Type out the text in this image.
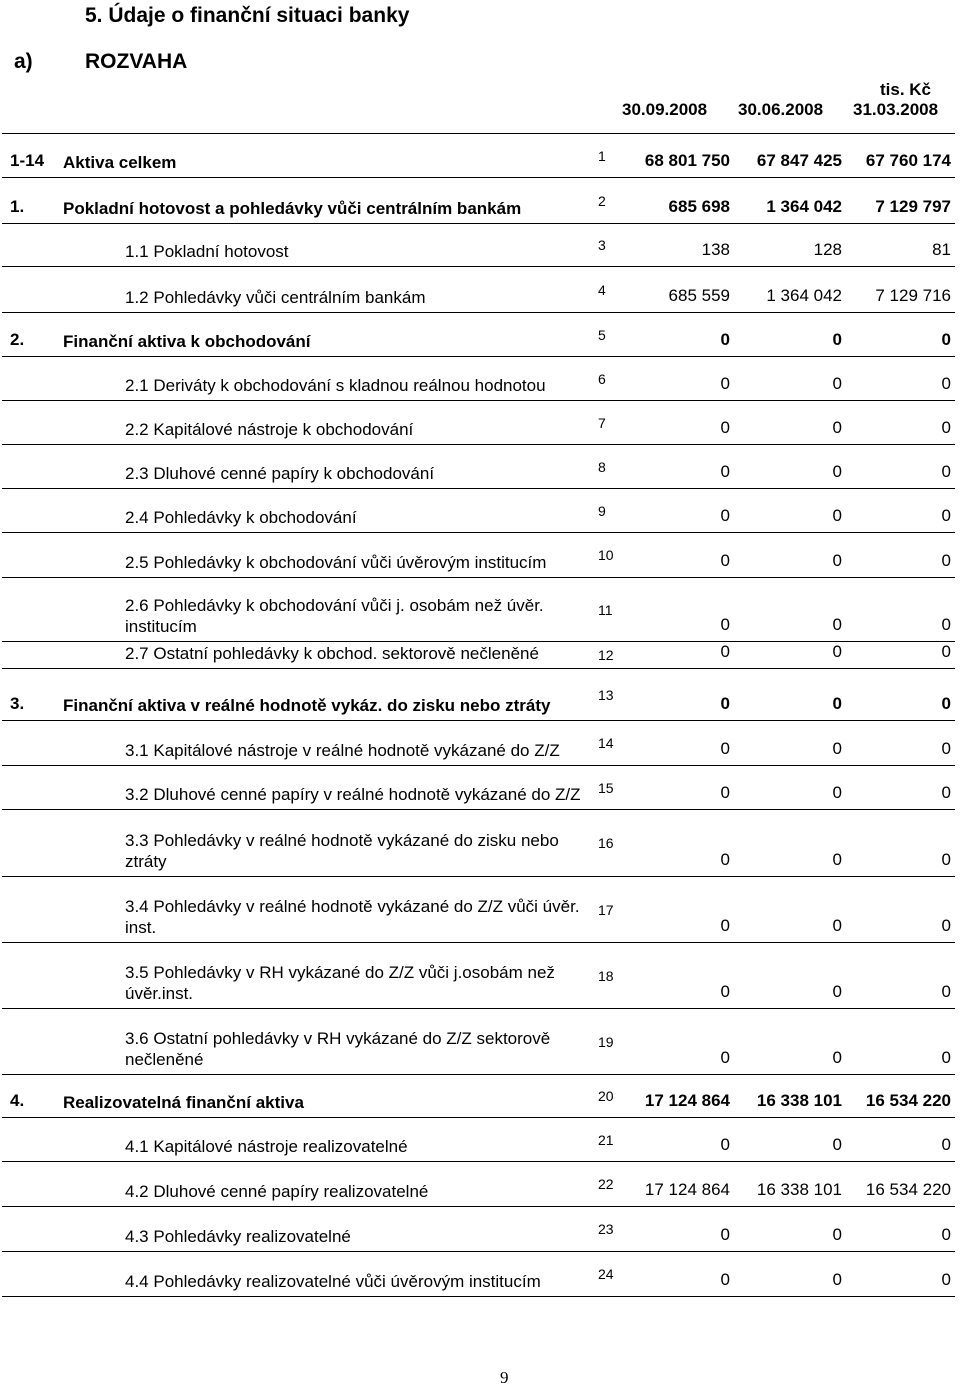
5. Údaje o finanční situaci banky
a) ROZVAHA
tis. Kč
30.09.2008 30.06.2008 31.03.2008
1-14	Aktiva celkem	1	68 801 750	67 847 425	67 760 174

1.	Pokladní hotovost a pohledávky vůči centrálním bankám	2	685 698	1 364 042	7 129 797

	1.1 Pokladní hotovost	3	138	128	81

	1.2 Pohledávky vůči centrálním bankám	4	685 559	1 364 042	7 129 716

2.	Finanční aktiva k obchodování	5	0	0	0

	2.1 Deriváty k obchodování s kladnou reálnou hodnotou	6	0	0	0

	2.2 Kapitálové nástroje k obchodování	7	0	0	0

	2.3 Dluhové cenné papíry k obchodování	8	0	0	0

	2.4 Pohledávky k obchodování	9	0	0	0

	2.5 Pohledávky k obchodování vůči úvěrovým institucím	10	0	0	0

	2.6 Pohledávky k obchodování vůči j. osobám než úvěr. institucím	11	0	0	0

	2.7 Ostatní pohledávky k obchod. sektorově nečleněné	12	0	0	0

3.	Finanční aktiva v reálné hodnotě vykáz. do zisku nebo ztráty	13	0	0	0

	3.1 Kapitálové nástroje v reálné hodnotě vykázané do Z/Z	14	0	0	0

	3.2 Dluhové cenné papíry v reálné hodnotě vykázané do Z/Z	15	0	0	0

	3.3 Pohledávky v reálné hodnotě vykázané do zisku nebo ztráty	16	0	0	0

	3.4 Pohledávky v reálné hodnotě vykázané do Z/Z vůči úvěr. inst.	17	0	0	0

	3.5 Pohledávky v RH vykázané do Z/Z vůči j.osobám než úvěr.inst.	18	0	0	0

	3.6 Ostatní pohledávky v RH vykázané do Z/Z sektorově nečleněné	19	0	0	0

4.	Realizovatelná finanční aktiva	20	17 124 864	16 338 101	16 534 220

	4.1 Kapitálové nástroje realizovatelné	21	0	0	0

	4.2 Dluhové cenné papíry realizovatelné	22	17 124 864	16 338 101	16 534 220

	4.3 Pohledávky realizovatelné	23	0	0	0

	4.4 Pohledávky realizovatelné vůči úvěrovým institucím	24	0	0	0
9
